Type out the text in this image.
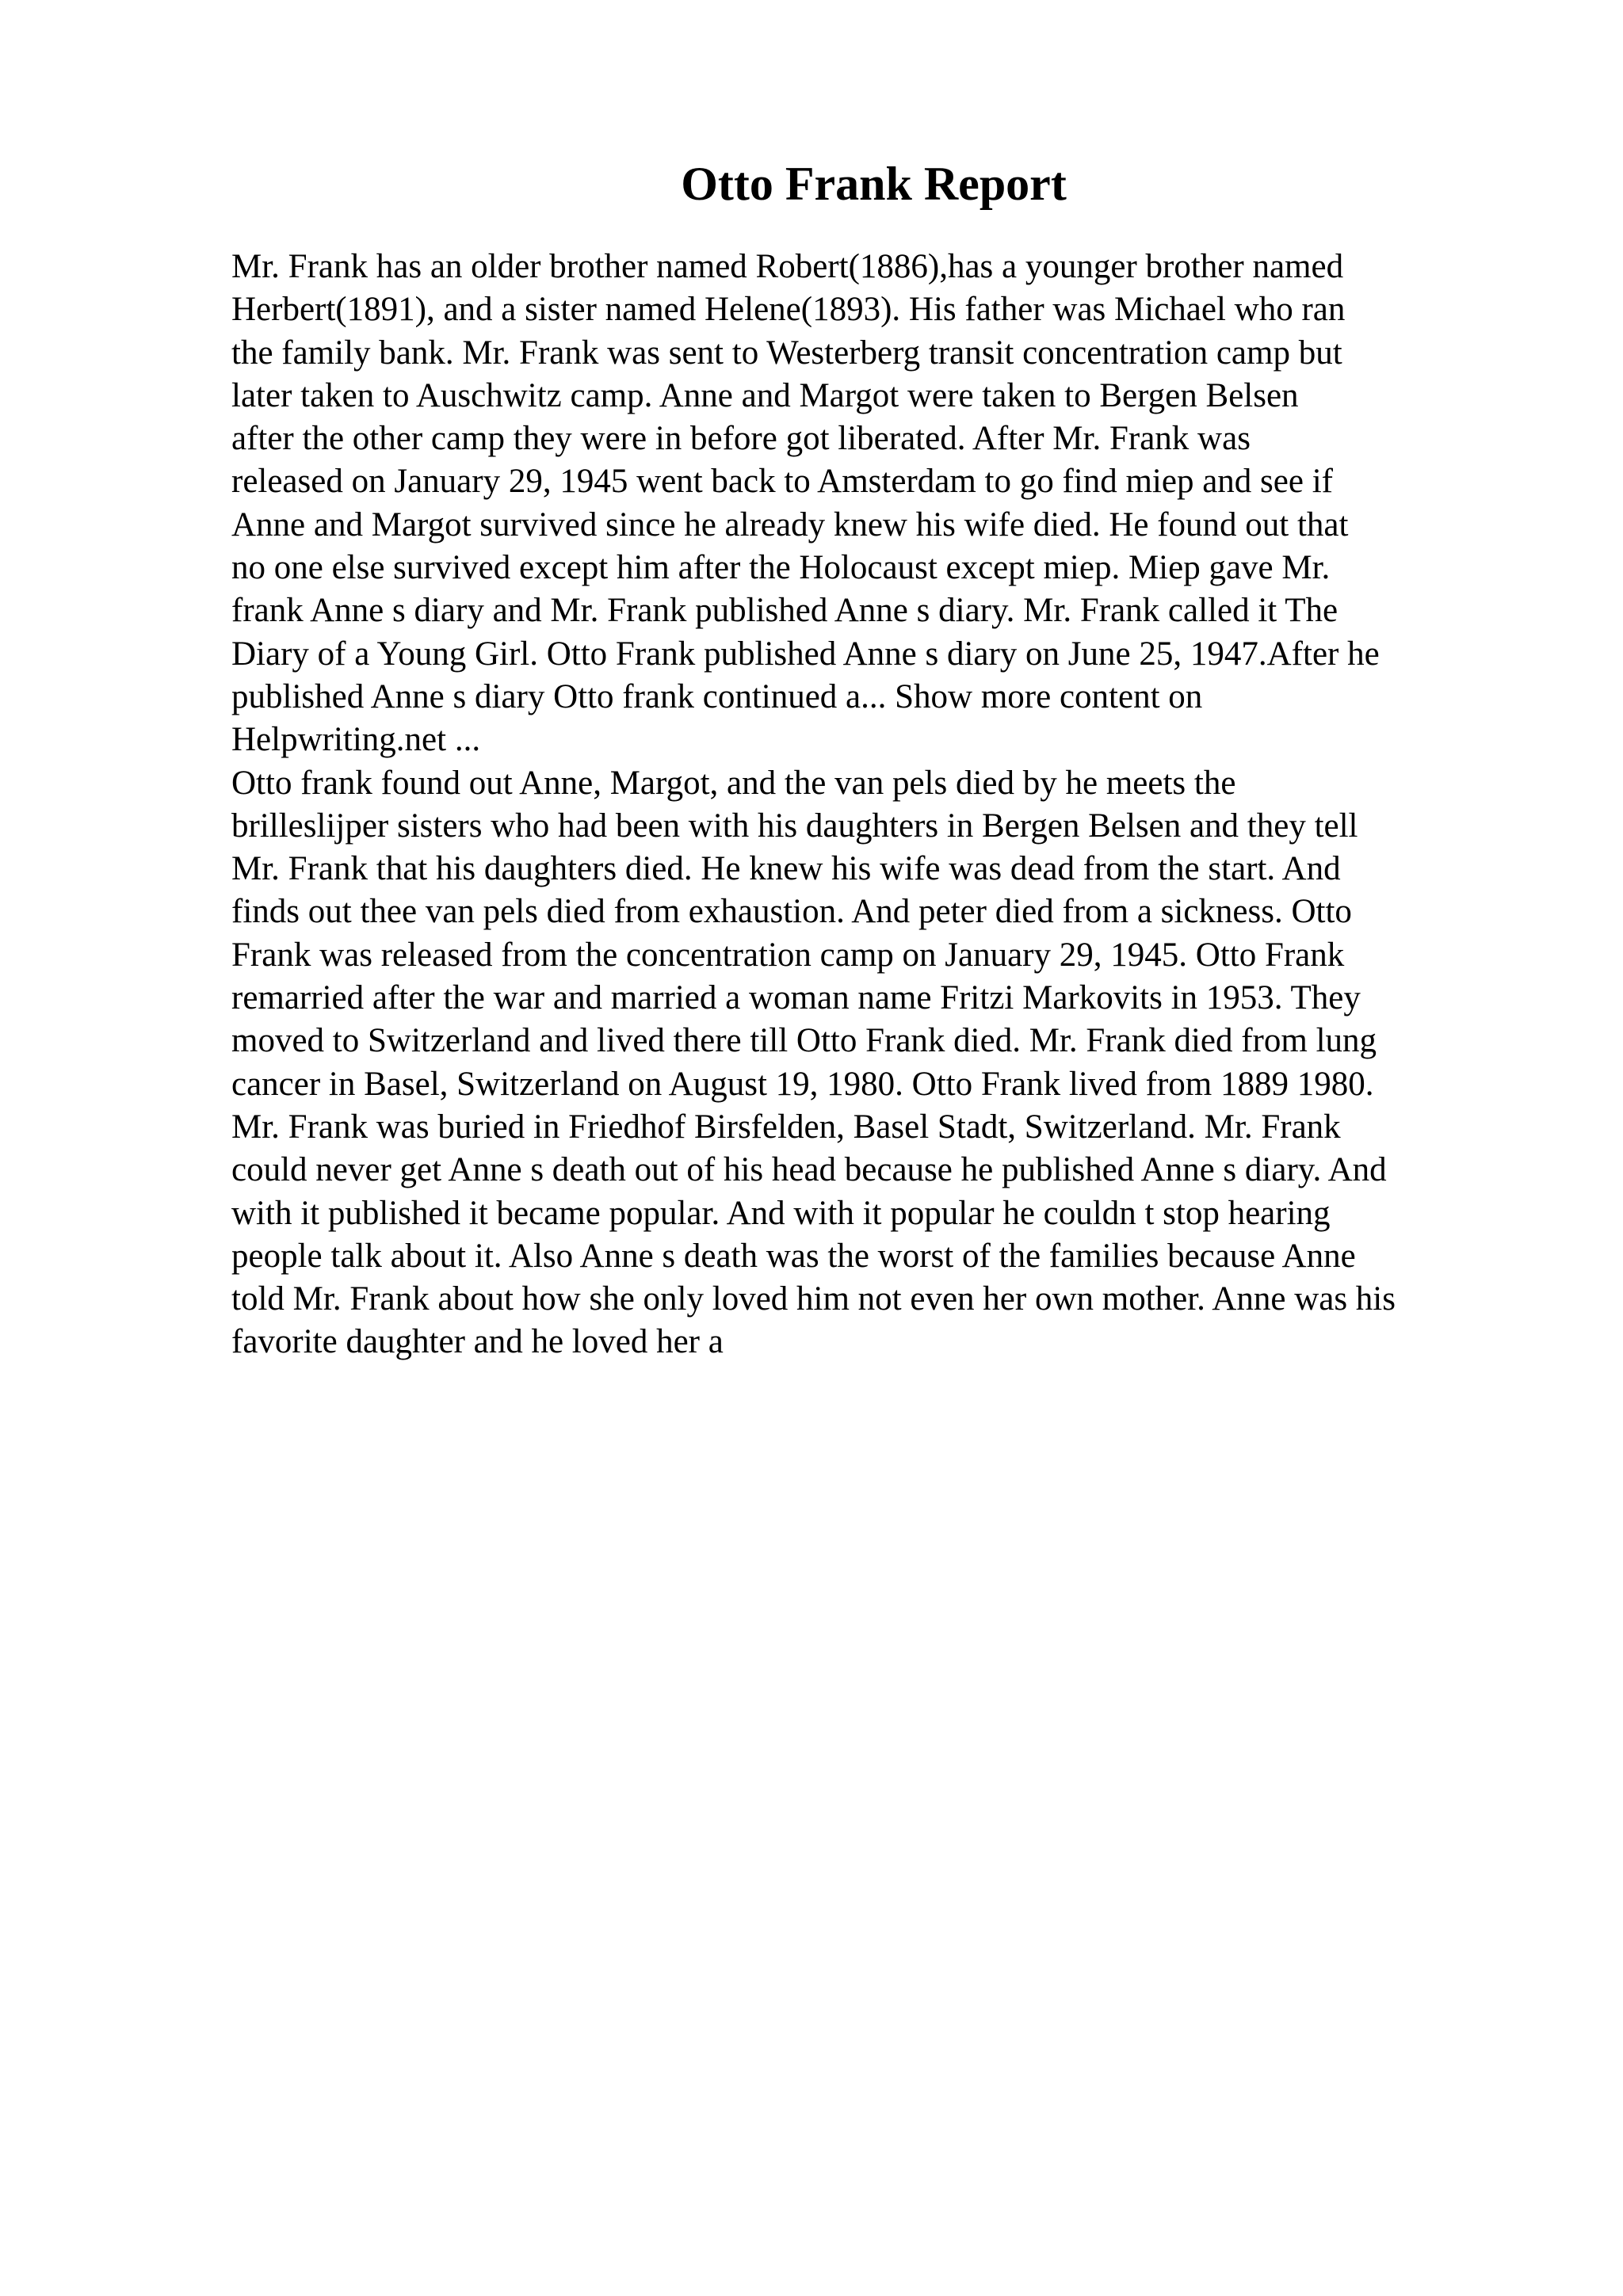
Otto Frank Report
Mr. Frank has an older brother named Robert(1886),has a younger brother named
Herbert(1891), and a sister named Helene(1893). His father was Michael who ran
the family bank. Mr. Frank was sent to Westerberg transit concentration camp but
later taken to Auschwitz camp. Anne and Margot were taken to Bergen Belsen
after the other camp they were in before got liberated. After Mr. Frank was
released on January 29, 1945 went back to Amsterdam to go find miep and see if
Anne and Margot survived since he already knew his wife died. He found out that
no one else survived except him after the Holocaust except miep. Miep gave Mr.
frank Anne s diary and Mr. Frank published Anne s diary. Mr. Frank called it The
Diary of a Young Girl. Otto Frank published Anne s diary on June 25, 1947.After he
published Anne s diary Otto frank continued a... Show more content on
Helpwriting.net ...
Otto frank found out Anne, Margot, and the van pels died by he meets the
brilleslijper sisters who had been with his daughters in Bergen Belsen and they tell
Mr. Frank that his daughters died. He knew his wife was dead from the start. And
finds out thee van pels died from exhaustion. And peter died from a sickness. Otto
Frank was released from the concentration camp on January 29, 1945. Otto Frank
remarried after the war and married a woman name Fritzi Markovits in 1953. They
moved to Switzerland and lived there till Otto Frank died. Mr. Frank died from lung
cancer in Basel, Switzerland on August 19, 1980. Otto Frank lived from 1889 1980.
Mr. Frank was buried in Friedhof Birsfelden, Basel Stadt, Switzerland. Mr. Frank
could never get Anne s death out of his head because he published Anne s diary. And
with it published it became popular. And with it popular he couldn t stop hearing
people talk about it. Also Anne s death was the worst of the families because Anne
told Mr. Frank about how she only loved him not even her own mother. Anne was his
favorite daughter and he loved her a
